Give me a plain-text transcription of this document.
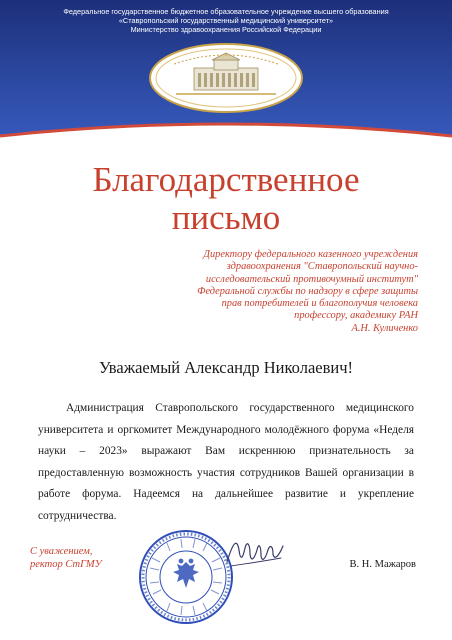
Федеральное государственное бюджетное образовательное учреждение высшего образования
«Ставропольский государственный медицинский университет»
Министерство здравоохранения Российской Федерации
1938
Благодарственное
письмо
Директору федерального казенного учреждения
здравоохранения "Ставропольский научно-
исследовательский противочумный институт"
Федеральной службы по надзору в сфере защиты
прав потребителей и благополучия человека
профессору, академику РАН
А.Н. Куличенко
Уважаемый Александр Николаевич!
Администрация Ставропольского государственного медицинского университета и оргкомитет Международного молодёжного форума «Неделя науки – 2023» выражают Вам искреннюю признательность за предоставленную возможность участия сотрудников Вашей организации в работе форума. Надеемся на дальнейшее развитие и укрепление сотрудничества.
С уважением,
ректор СтГМУ	В. Н. Мажаров
